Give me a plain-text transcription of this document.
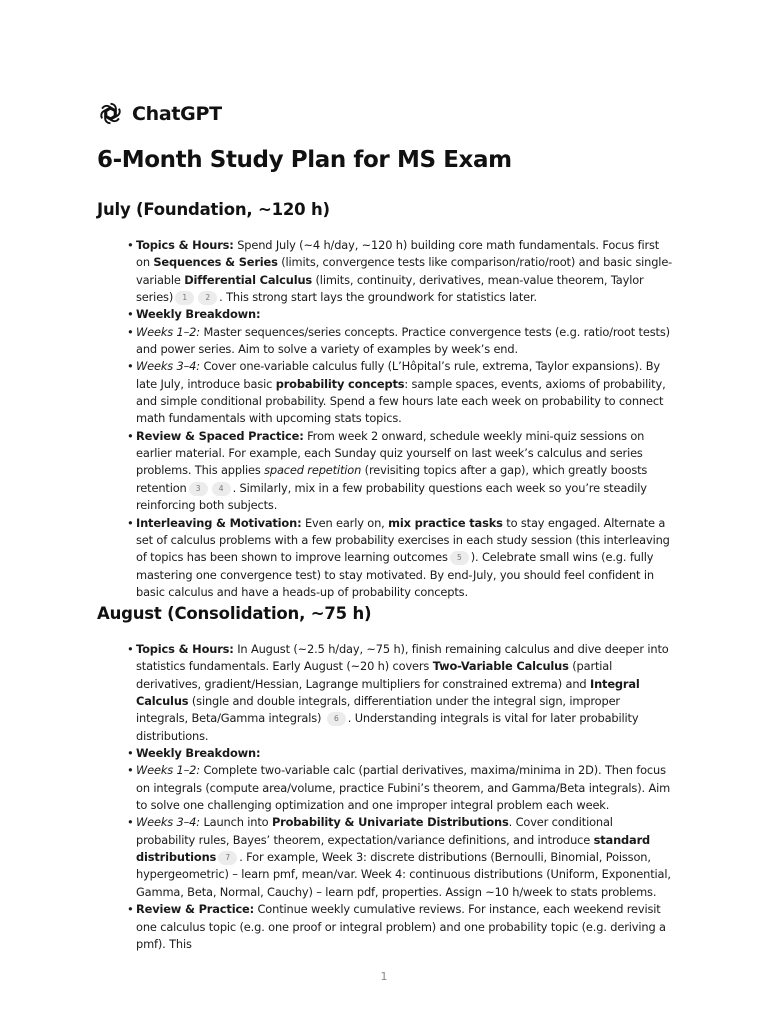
ChatGPT
6-Month Study Plan for MS Exam
July (Foundation, ~120 h)
• Topics & Hours: Spend July (~4 h/day, ~120 h) building core math fundamentals. Focus first on Sequences & Series (limits, convergence tests like comparison/ratio/root) and basic single-variable Differential Calculus (limits, continuity, derivatives, mean-value theorem, Taylor series) 1 2 . This strong start lays the groundwork for statistics later.
• Weekly Breakdown:
• Weeks 1–2: Master sequences/series concepts. Practice convergence tests (e.g. ratio/root tests) and power series. Aim to solve a variety of examples by week’s end.
• Weeks 3–4: Cover one-variable calculus fully (L’Hôpital’s rule, extrema, Taylor expansions). By late July, introduce basic probability concepts: sample spaces, events, axioms of probability, and simple conditional probability. Spend a few hours late each week on probability to connect math fundamentals with upcoming stats topics.
• Review & Spaced Practice: From week 2 onward, schedule weekly mini-quiz sessions on earlier material. For example, each Sunday quiz yourself on last week’s calculus and series problems. This applies spaced repetition (revisiting topics after a gap), which greatly boosts retention 3 4 . Similarly, mix in a few probability questions each week so you’re steadily reinforcing both subjects.
• Interleaving & Motivation: Even early on, mix practice tasks to stay engaged. Alternate a set of calculus problems with a few probability exercises in each study session (this interleaving of topics has been shown to improve learning outcomes 5 ). Celebrate small wins (e.g. fully mastering one convergence test) to stay motivated. By end-July, you should feel confident in basic calculus and have a heads-up of probability concepts.
August (Consolidation, ~75 h)
• Topics & Hours: In August (~2.5 h/day, ~75 h), finish remaining calculus and dive deeper into statistics fundamentals. Early August (~20 h) covers Two-Variable Calculus (partial derivatives, gradient/Hessian, Lagrange multipliers for constrained extrema) and Integral Calculus (single and double integrals, differentiation under the integral sign, improper integrals, Beta/Gamma integrals) 6 . Understanding integrals is vital for later probability distributions.
• Weekly Breakdown:
• Weeks 1–2: Complete two-variable calc (partial derivatives, maxima/minima in 2D). Then focus on integrals (compute area/volume, practice Fubini’s theorem, and Gamma/Beta integrals). Aim to solve one challenging optimization and one improper integral problem each week.
• Weeks 3–4: Launch into Probability & Univariate Distributions. Cover conditional probability rules, Bayes’ theorem, expectation/variance definitions, and introduce standard distributions 7 . For example, Week 3: discrete distributions (Bernoulli, Binomial, Poisson, hypergeometric) – learn pmf, mean/var. Week 4: continuous distributions (Uniform, Exponential, Gamma, Beta, Normal, Cauchy) – learn pdf, properties. Assign ~10 h/week to stats problems.
• Review & Practice: Continue weekly cumulative reviews. For instance, each weekend revisit one calculus topic (e.g. one proof or integral problem) and one probability topic (e.g. deriving a pmf). This
1
